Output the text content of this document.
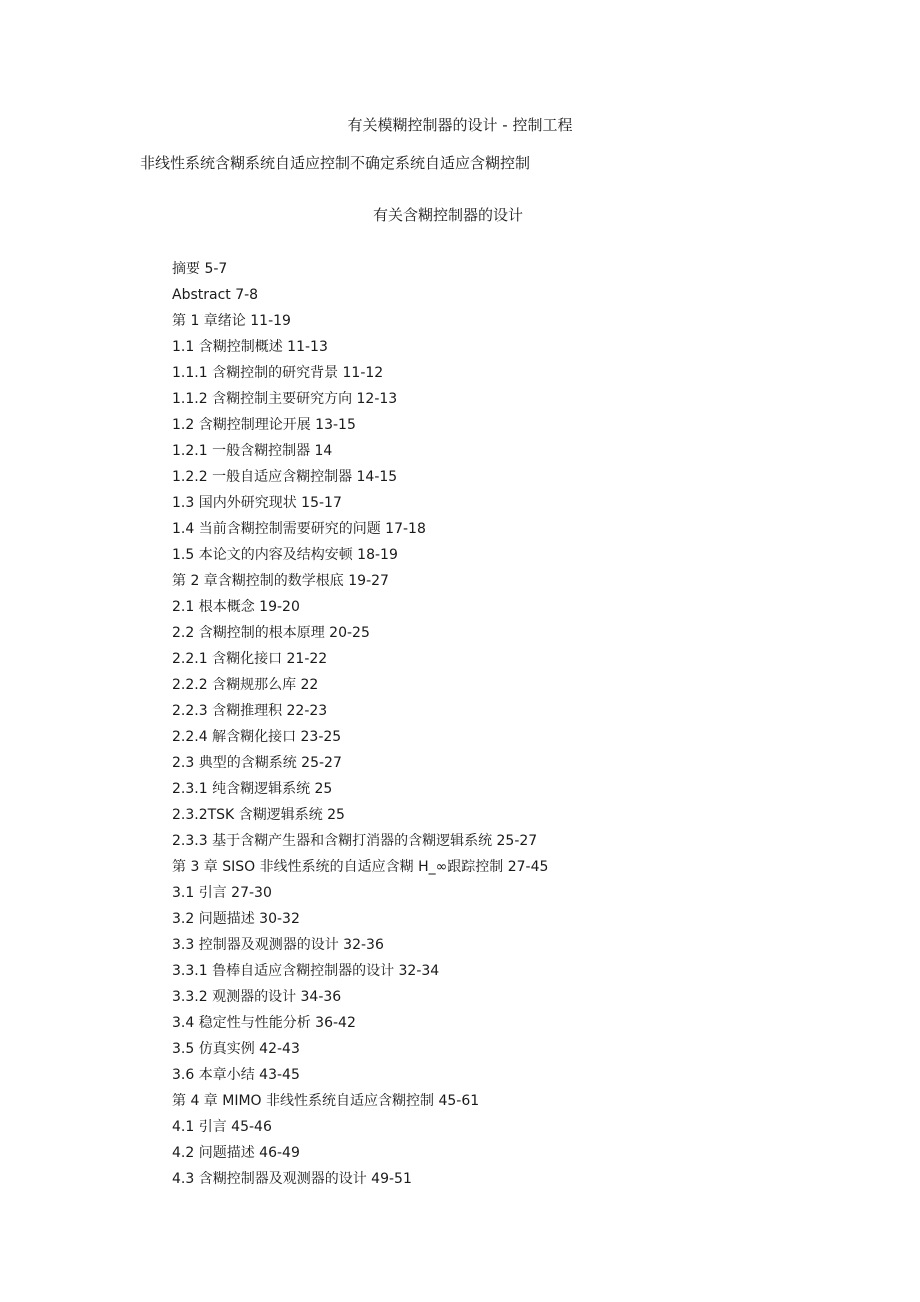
有关模糊控制器的设计 - 控制工程
非线性系统含糊系统自适应控制不确定系统自适应含糊控制
有关含糊控制器的设计
摘要 5-7
Abstract 7-8
第 1 章绪论 11-19
1.1 含糊控制概述 11-13
1.1.1 含糊控制的研究背景 11-12
1.1.2 含糊控制主要研究方向 12-13
1.2 含糊控制理论开展 13-15
1.2.1 一般含糊控制器 14
1.2.2 一般自适应含糊控制器 14-15
1.3 国内外研究现状 15-17
1.4 当前含糊控制需要研究的问题 17-18
1.5 本论文的内容及结构安顿 18-19
第 2 章含糊控制的数学根底 19-27
2.1 根本概念 19-20
2.2 含糊控制的根本原理 20-25
2.2.1 含糊化接口 21-22
2.2.2 含糊规那么库 22
2.2.3 含糊推理积 22-23
2.2.4 解含糊化接口 23-25
2.3 典型的含糊系统 25-27
2.3.1 纯含糊逻辑系统 25
2.3.2TSK 含糊逻辑系统 25
2.3.3 基于含糊产生器和含糊打消器的含糊逻辑系统 25-27
第 3 章 SISO 非线性系统的自适应含糊 H_∞跟踪控制 27-45
3.1 引言 27-30
3.2 问题描述 30-32
3.3 控制器及观测器的设计 32-36
3.3.1 鲁棒自适应含糊控制器的设计 32-34
3.3.2 观测器的设计 34-36
3.4 稳定性与性能分析 36-42
3.5 仿真实例 42-43
3.6 本章小结 43-45
第 4 章 MIMO 非线性系统自适应含糊控制 45-61
4.1 引言 45-46
4.2 问题描述 46-49
4.3 含糊控制器及观测器的设计 49-51
